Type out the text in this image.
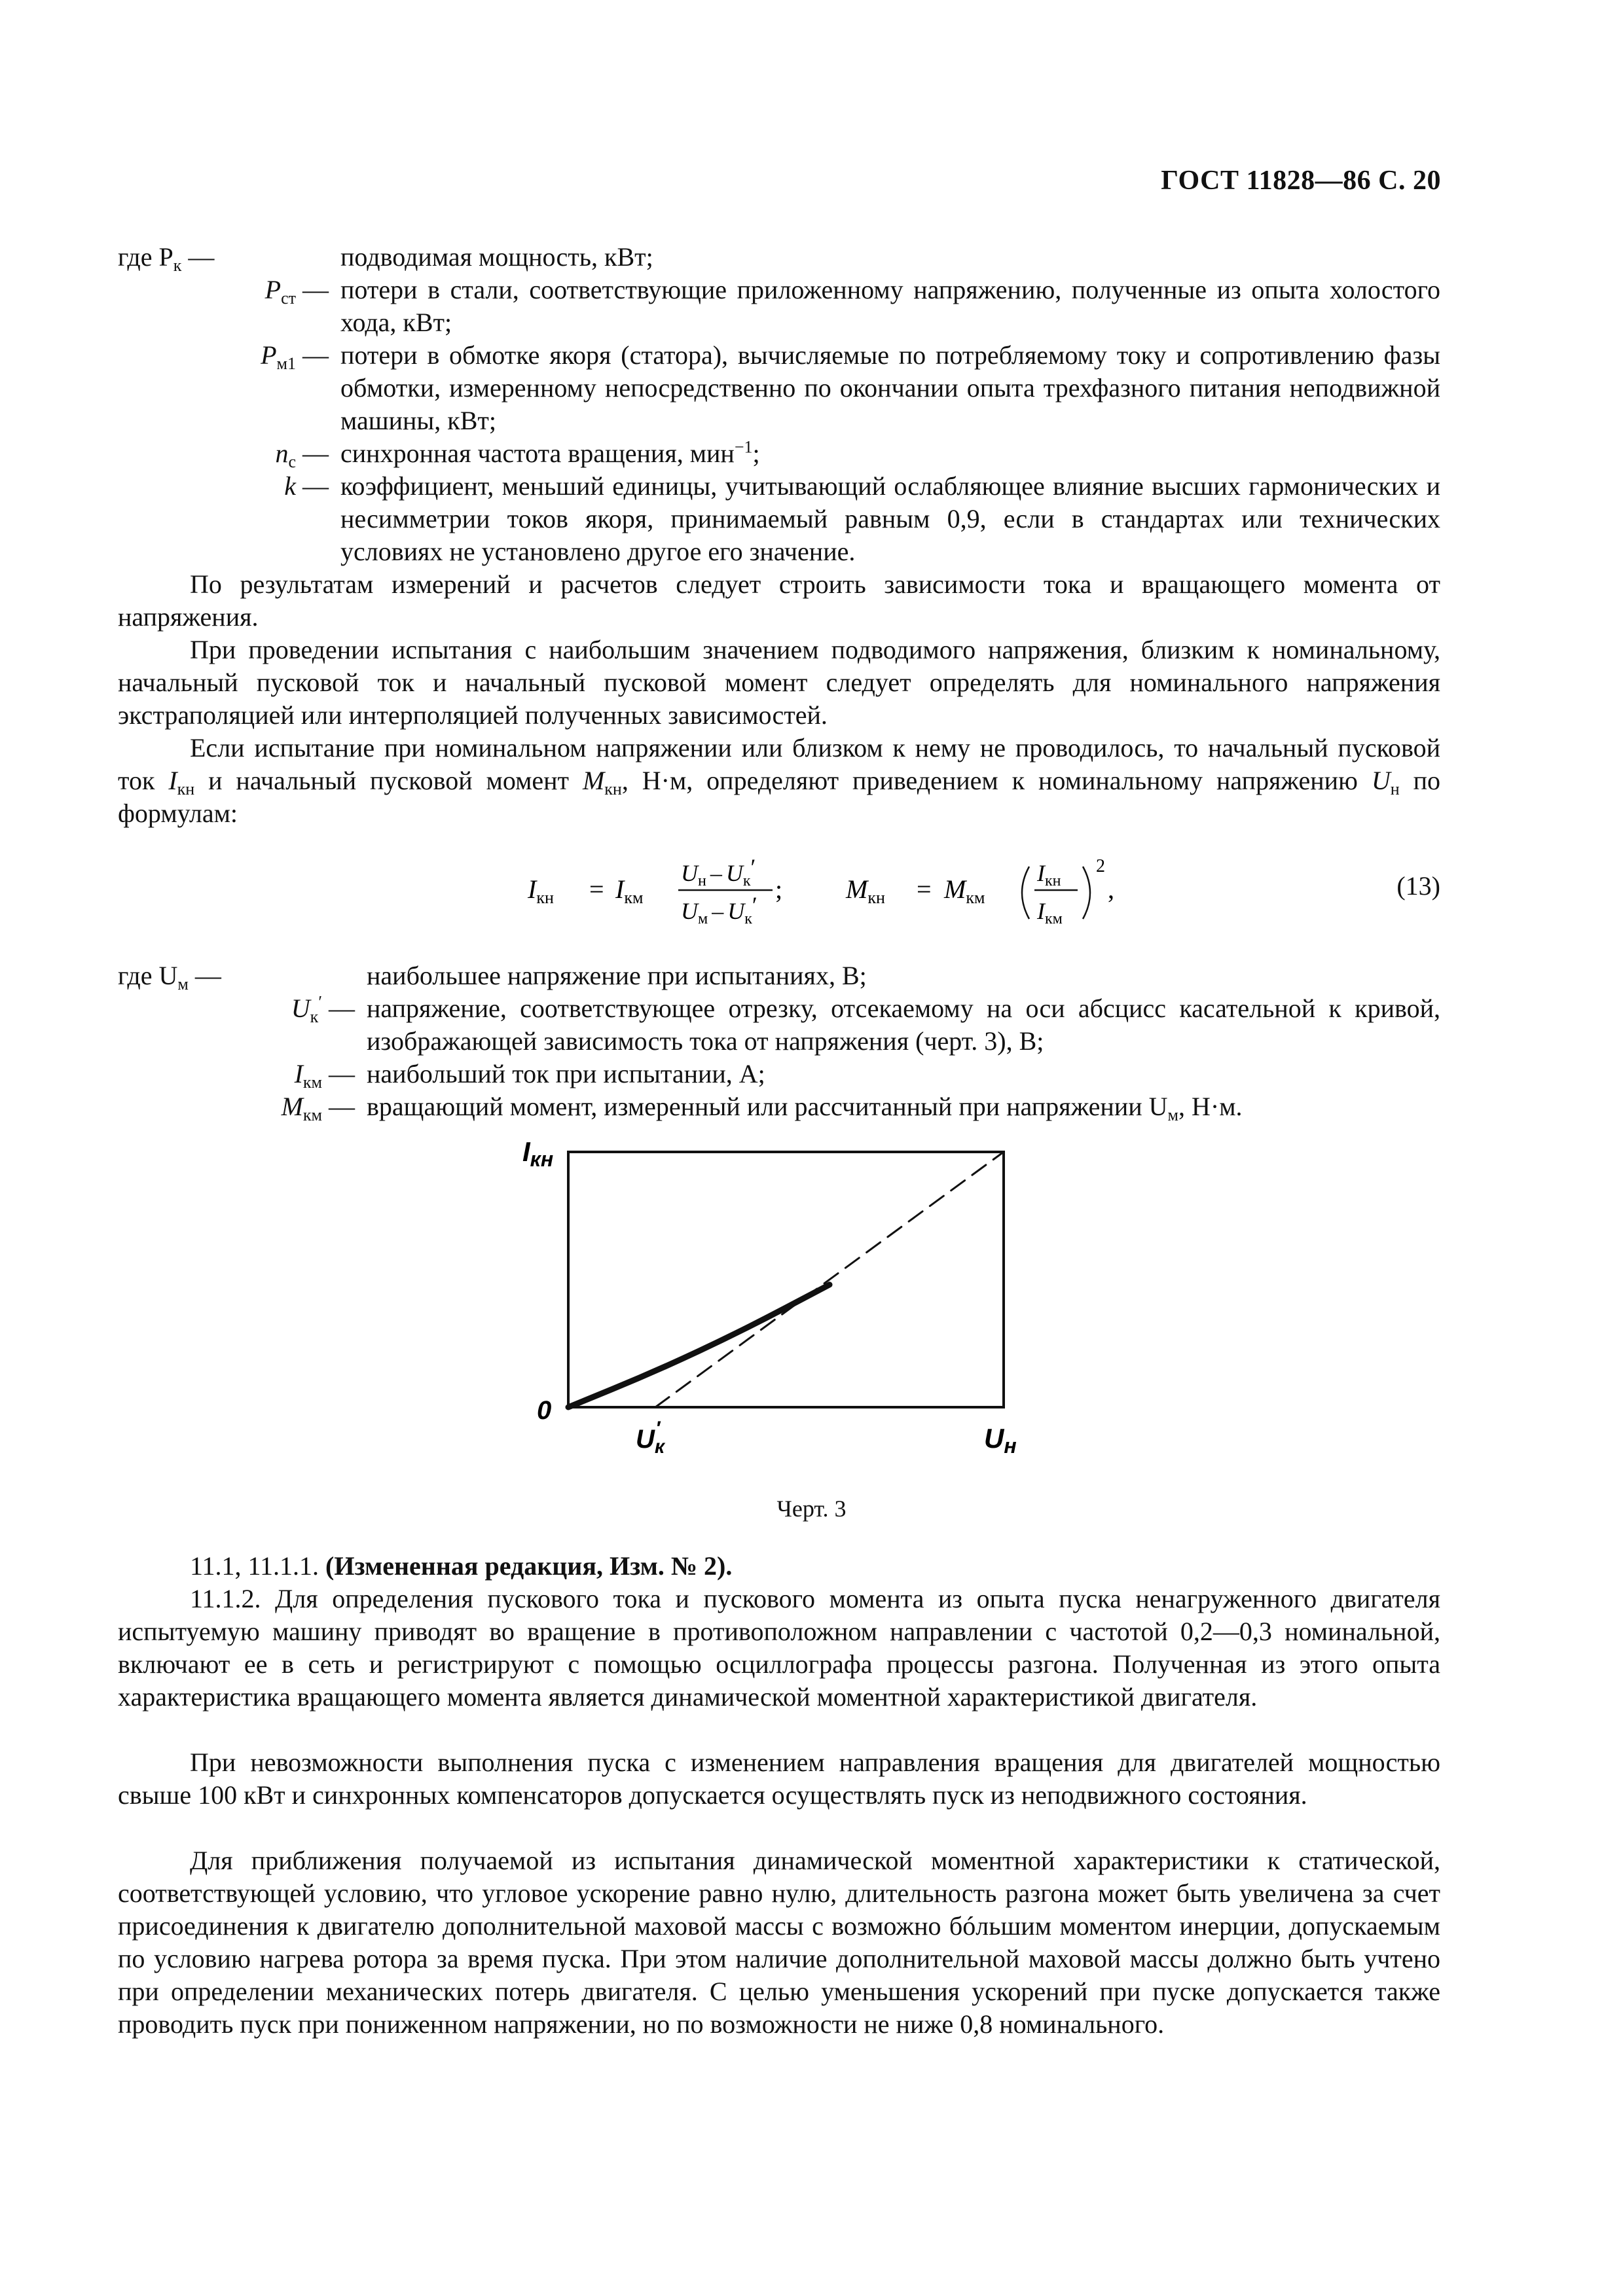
ГОСТ 11828—86 С. 20
где $P_к$ —	подводимая мощность, кВт;
$P_{ст}$ — потери в стали, соответствующие приложенному напряжению, полученные из опыта холостого хода, кВт;
$P_{м1}$ — потери в обмотке якоря (статора), вычисляемые по потребляемому току и сопротивлению фазы обмотки, измеренному непосредственно по окончании опыта трехфазного питания неподвижной машины, кВт;
$n_с$ — синхронная частота вращения, мин$^{-1}$;
k — коэффициент, меньший единицы, учитывающий ослабляющее влияние высших гармонических и несимметрии токов якоря, принимаемый равным 0,9, если в стандартах или технических условиях не установлено другое его значение.
По результатам измерений и расчетов следует строить зависимости тока и вращающего момента от напряжения.
При проведении испытания с наибольшим значением подводимого напряжения, близким к номинальному, начальный пусковой ток и начальный пусковой момент следует определять для номинального напряжения экстраполяцией или интерполяцией полученных зависимостей.
Если испытание при номинальном напряжении или близком к нему не проводилось, то начальный пусковой ток $I_{кн}$ и начальный пусковой момент $M_{кн}$, Н·м, определяют приведением к номинальному напряжению $U_н$ по формулам:
$I_{кн} = I_{км}$
Uн – Uк′
Uм – Uк′
; $M_{кн} = M_{км}$
Iкн
Iкм
2
,	(13)
где $U_м$ —	наибольшее напряжение при испытаниях, В;
$U_к'$ — напряжение, соответствующее отрезку, отсекаемому на оси абсцисс касательной к кривой, изображающей зависимость тока от напряжения (черт. 3), В;
$I_{км}$ — наибольший ток при испытании, А;
$M_{км}$ — вращающий момент, измеренный или рассчитанный при напряжении $U_м$, Н·м.
Iкн
0
$U_к'$	Uн
Черт. 3
11.1, 11.1.1. (Измененная редакция, Изм. № 2).
11.1.2. Для определения пускового тока и пускового момента из опыта пуска ненагруженного двигателя испытуемую машину приводят во вращение в противоположном направлении с частотой 0,2—0,3 номинальной, включают ее в сеть и регистрируют с помощью осциллографа процессы разгона. Полученная из этого опыта характеристика вращающего момента является динамической моментной характеристикой двигателя.
При невозможности выполнения пуска с изменением направления вращения для двигателей мощностью свыше 100 кВт и синхронных компенсаторов допускается осуществлять пуск из неподвижного состояния.
Для приближения получаемой из испытания динамической моментной характеристики к статической, соответствующей условию, что угловое ускорение равно нулю, длительность разгона может быть увеличена за счет присоединения к двигателю дополнительной маховой массы с возможно бóльшим моментом инерции, допускаемым по условию нагрева ротора за время пуска. При этом наличие дополнительной маховой массы должно быть учтено при определении механических потерь двигателя. С целью уменьшения ускорений при пуске допускается также проводить пуск при пониженном напряжении, но по возможности не ниже 0,8 номинального.
